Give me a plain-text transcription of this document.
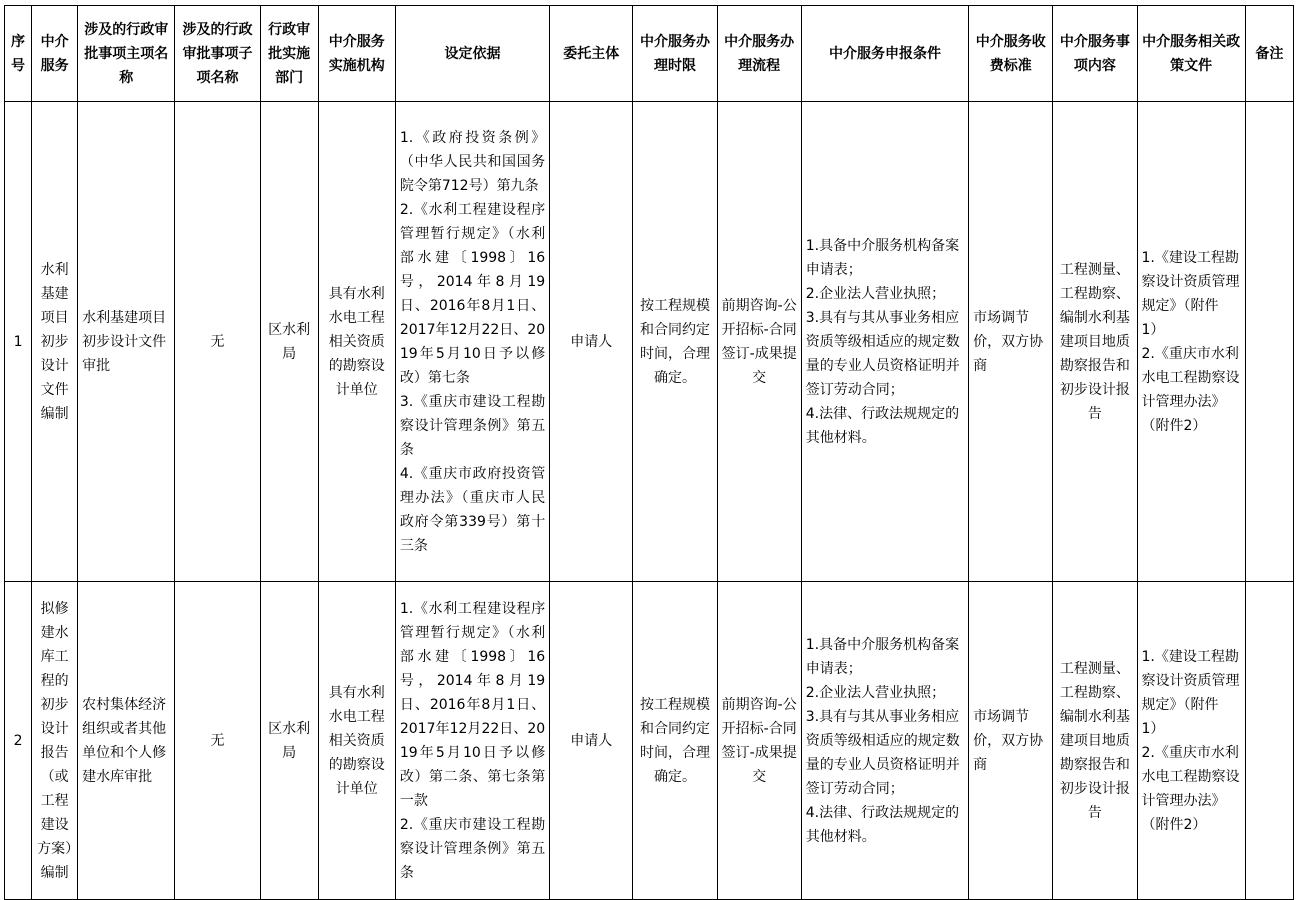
序号	中介服务	涉及的行政审批事项主项名称	涉及的行政审批事项子项名称	行政审批实施部门	中介服务实施机构	设定依据	委托主体	中介服务办理时限	中介服务办理流程	中介服务申报条件	中介服务收费标准	中介服务事项内容	中介服务相关政策文件	备注
1	水利基建项目初步设计文件编制	水利基建项目初步设计文件审批	无	区水利局	具有水利水电工程相关资质的勘察设计单位	1.《政府投资条例》（中华人民共和国国务院令第712号）第九条
2.《水利工程建设程序管理暂行规定》（水利部水建〔1998〕16号，2014年8月19日、2016年8月1日、2017年12月22日、2019年5月10日予以修改）第七条
3.《重庆市建设工程勘察设计管理条例》第五条
4.《重庆市政府投资管理办法》（重庆市人民政府令第339号）第十三条	申请人	按工程规模和合同约定时间，合理确定。	前期咨询-公开招标-合同签订-成果提交	1.具备中介服务机构备案申请表；
2.企业法人营业执照；
3.具有与其从事业务相应资质等级相适应的规定数量的专业人员资格证明并签订劳动合同；
4.法律、行政法规规定的其他材料。	市场调节价，双方协商	工程测量、工程勘察、编制水利基建项目地质勘察报告和初步设计报告	1.《建设工程勘察设计资质管理规定》（附件1）
2.《重庆市水利水电工程勘察设计管理办法》（附件2）	

2	拟修建水库工程的初步设计报告（或工程建设方案）编制	农村集体经济组织或者其他单位和个人修建水库审批	无	区水利局	具有水利水电工程相关资质的勘察设计单位	1.《水利工程建设程序管理暂行规定》（水利部水建〔1998〕16号，2014年8月19日、2016年8月1日、2017年12月22日、2019年5月10日予以修改）第二条、第七条第一款
2.《重庆市建设工程勘察设计管理条例》第五条	申请人	按工程规模和合同约定时间，合理确定。	前期咨询-公开招标-合同签订-成果提交	1.具备中介服务机构备案申请表；
2.企业法人营业执照；
3.具有与其从事业务相应资质等级相适应的规定数量的专业人员资格证明并签订劳动合同；
4.法律、行政法规规定的其他材料。	市场调节价，双方协商	工程测量、工程勘察、编制水利基建项目地质勘察报告和初步设计报告	1.《建设工程勘察设计资质管理规定》（附件1）
2.《重庆市水利水电工程勘察设计管理办法》（附件2）	
